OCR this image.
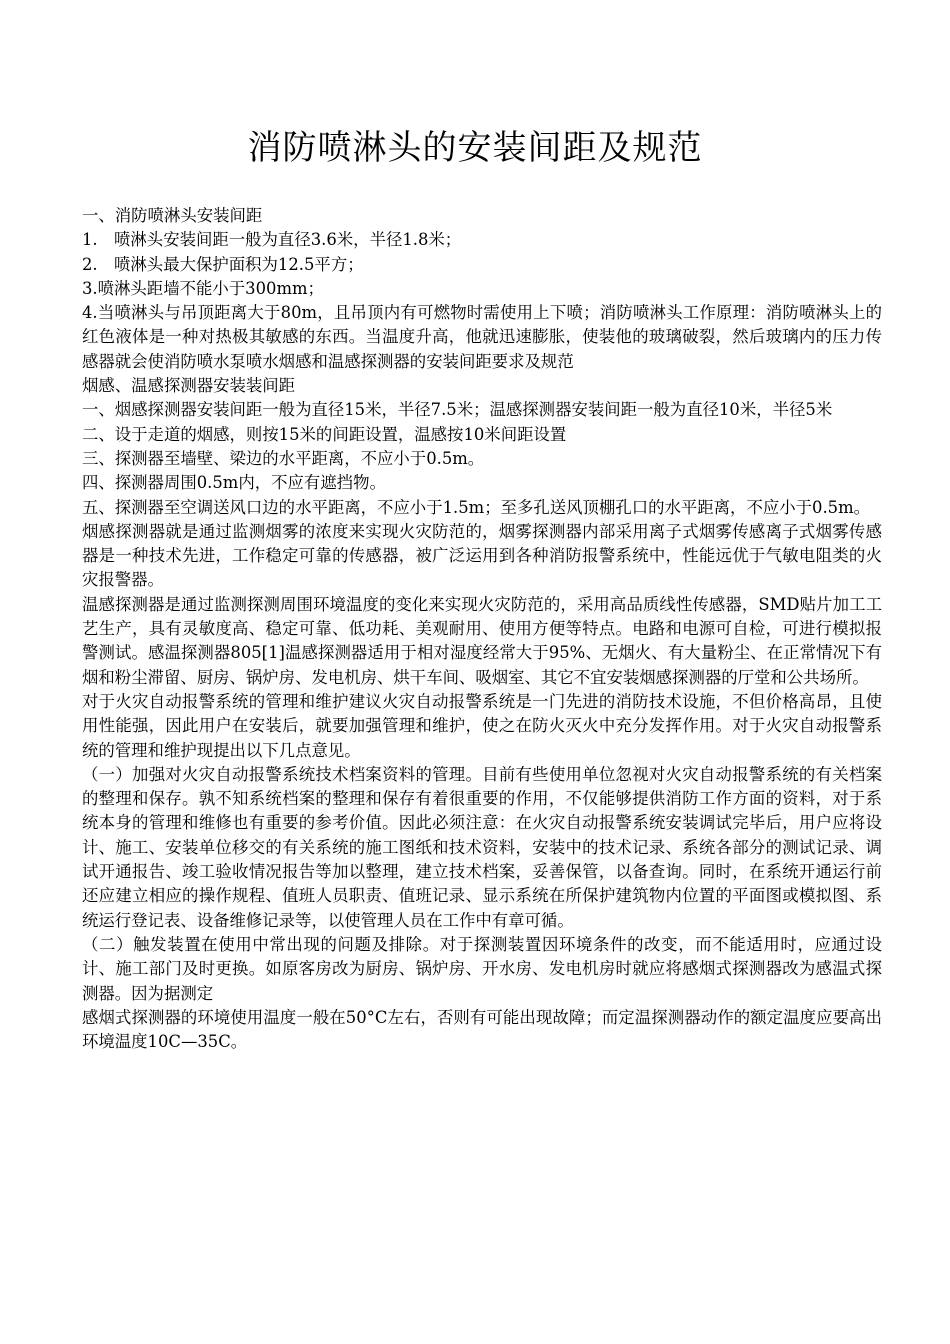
消防喷淋头的安装间距及规范

一、消防喷淋头安装间距

1.　喷淋头安装间距一般为直径3.6米，半径1.8米；

2.　喷淋头最大保护面积为12.5平方；

3.喷淋头距墙不能小于300mm；

4.当喷淋头与吊顶距离大于80m，且吊顶内有可燃物时需使用上下喷；消防喷淋头工作原理：消防喷淋头上的红色液体是一种对热极其敏感的东西。当温度升高，他就迅速膨胀，使装他的玻璃破裂，然后玻璃内的压力传感器就会使消防喷水泵喷水烟感和温感探测器的安装间距要求及规范

烟感、温感探测器安装装间距

一、烟感探测器安装间距一般为直径15米，半径7.5米；温感探测器安装间距一般为直径10米，半径5米

二、设于走道的烟感，则按15米的间距设置，温感按10米间距设置

三、探测器至墙壁、梁边的水平距离，不应小于0.5m。

四、探测器周围0.5m内，不应有遮挡物。

五、探测器至空调送风口边的水平距离，不应小于1.5m；至多孔送风顶棚孔口的水平距离，不应小于0.5m。

烟感探测器就是通过监测烟雾的浓度来实现火灾防范的，烟雾探测器内部采用离子式烟雾传感离子式烟雾传感器是一种技术先进，工作稳定可靠的传感器，被广泛运用到各种消防报警系统中，性能远优于气敏电阻类的火灾报警器。

温感探测器是通过监测探测周围环境温度的变化来实现火灾防范的，采用高品质线性传感器，SMD贴片加工工艺生产，具有灵敏度高、稳定可靠、低功耗、美观耐用、使用方便等特点。电路和电源可自检，可进行模拟报警测试。感温探测器805[1]温感探测器适用于相对湿度经常大于95%、无烟火、有大量粉尘、在正常情况下有烟和粉尘滞留、厨房、锅炉房、发电机房、烘干车间、吸烟室、其它不宜安装烟感探测器的厅堂和公共场所。

对于火灾自动报警系统的管理和维护建议火灾自动报警系统是一门先进的消防技术设施，不但价格高昂，且使用性能强，因此用户在安装后，就要加强管理和维护，使之在防火灭火中充分发挥作用。对于火灾自动报警系统的管理和维护现提出以下几点意见。

（一）加强对火灾自动报警系统技术档案资料的管理。目前有些使用单位忽视对火灾自动报警系统的有关档案的整理和保存。孰不知系统档案的整理和保存有着很重要的作用，不仅能够提供消防工作方面的资料，对于系统本身的管理和维修也有重要的参考价值。因此必须注意：在火灾自动报警系统安装调试完毕后，用户应将设计、施工、安装单位移交的有关系统的施工图纸和技术资料，安装中的技术记录、系统各部分的测试记录、调试开通报告、竣工验收情况报告等加以整理，建立技术档案，妥善保管，以备查询。同时，在系统开通运行前还应建立相应的操作规程、值班人员职责、值班记录、显示系统在所保护建筑物内位置的平面图或模拟图、系统运行登记表、设备维修记录等，以使管理人员在工作中有章可循。

（二）触发装置在使用中常出现的问题及排除。对于探测装置因环境条件的改变，而不能适用时，应通过设计、施工部门及时更换。如原客房改为厨房、锅炉房、开水房、发电机房时就应将感烟式探测器改为感温式探测器。因为据测定

感烟式探测器的环境使用温度一般在50°C左右，否则有可能出现故障；而定温探测器动作的额定温度应要高出环境温度10C—35C。
